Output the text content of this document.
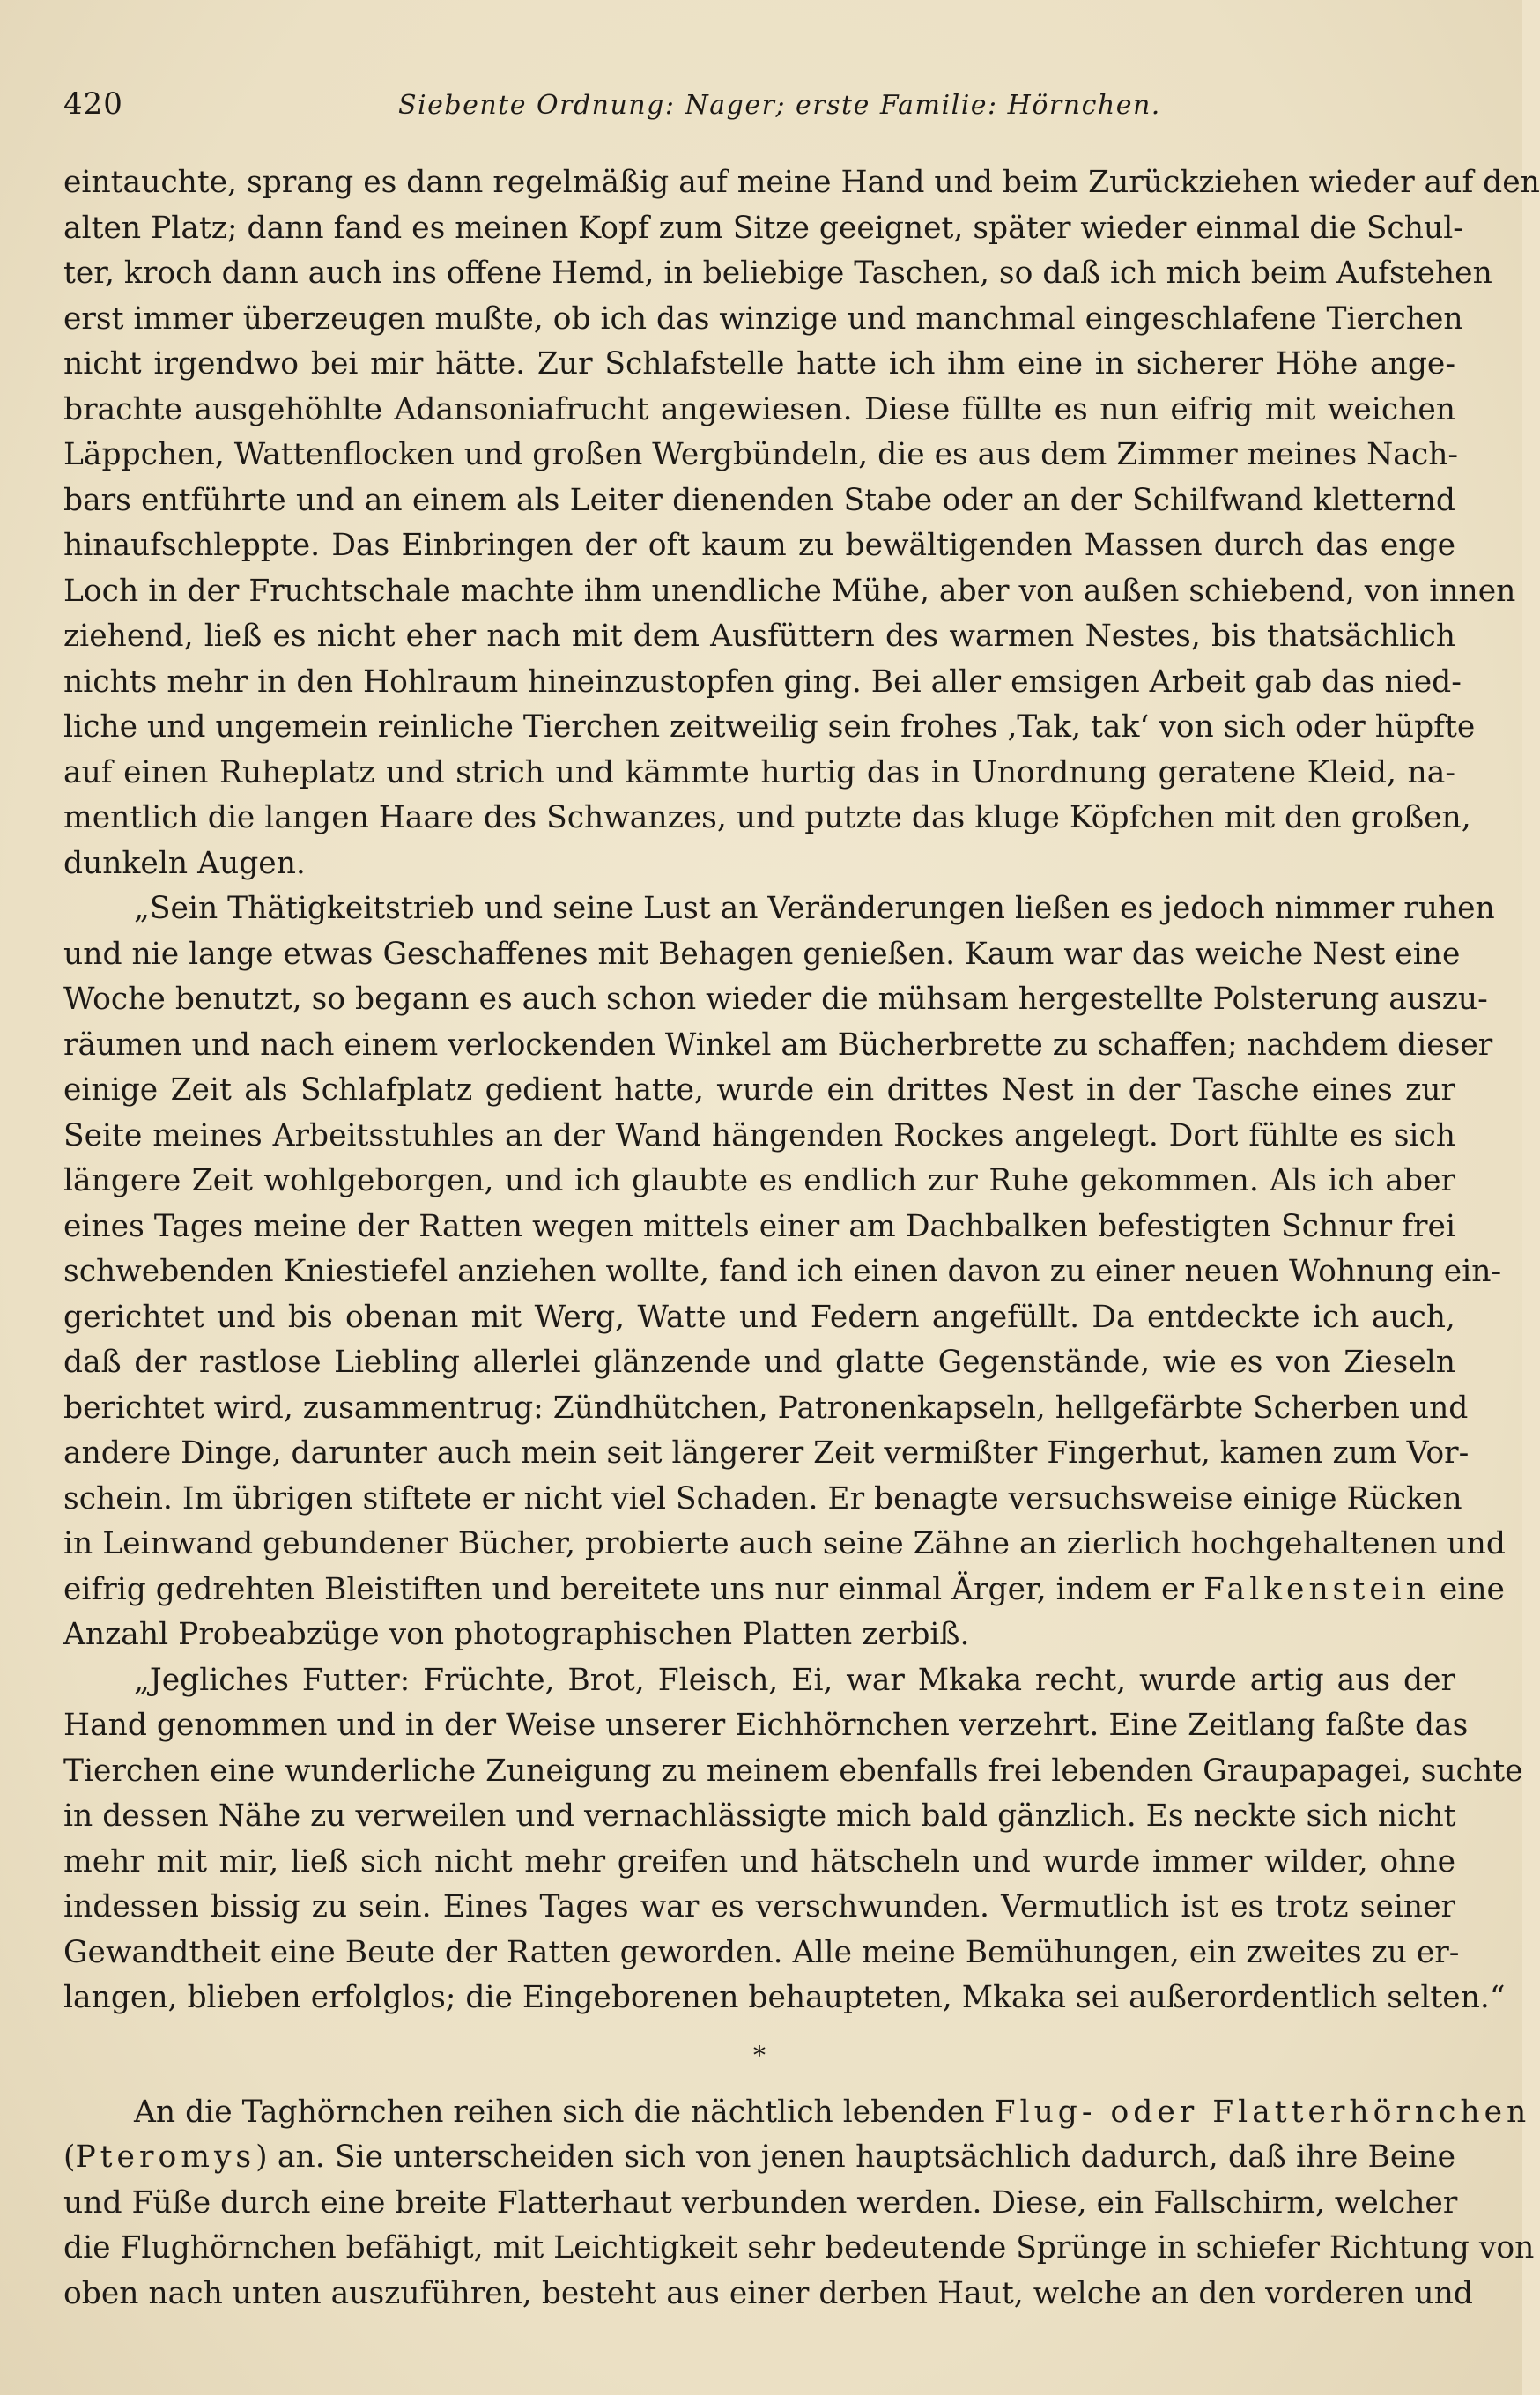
420	Siebente Ordnung: Nager; erste Familie: Hörnchen.
eintauchte, sprang es dann regelmäßig auf meine Hand und beim Zurückziehen wieder auf den
alten Platz; dann fand es meinen Kopf zum Sitze geeignet, später wieder einmal die Schul-
ter, kroch dann auch ins offene Hemd, in beliebige Taschen, so daß ich mich beim Aufstehen
erst immer überzeugen mußte, ob ich das winzige und manchmal eingeschlafene Tierchen
nicht irgendwo bei mir hätte. Zur Schlafstelle hatte ich ihm eine in sicherer Höhe ange-
brachte ausgehöhlte Adansoniafrucht angewiesen. Diese füllte es nun eifrig mit weichen
Läppchen, Wattenflocken und großen Wergbündeln, die es aus dem Zimmer meines Nach-
bars entführte und an einem als Leiter dienenden Stabe oder an der Schilfwand kletternd
hinaufschleppte. Das Einbringen der oft kaum zu bewältigenden Massen durch das enge
Loch in der Fruchtschale machte ihm unendliche Mühe, aber von außen schiebend, von innen
ziehend, ließ es nicht eher nach mit dem Ausfüttern des warmen Nestes, bis thatsächlich
nichts mehr in den Hohlraum hineinzustopfen ging. Bei aller emsigen Arbeit gab das nied-
liche und ungemein reinliche Tierchen zeitweilig sein frohes ‚Tak, tak‘ von sich oder hüpfte
auf einen Ruheplatz und strich und kämmte hurtig das in Unordnung geratene Kleid, na-
mentlich die langen Haare des Schwanzes, und putzte das kluge Köpfchen mit den großen,
dunkeln Augen.
„Sein Thätigkeitstrieb und seine Lust an Veränderungen ließen es jedoch nimmer ruhen
und nie lange etwas Geschaffenes mit Behagen genießen. Kaum war das weiche Nest eine
Woche benutzt, so begann es auch schon wieder die mühsam hergestellte Polsterung auszu-
räumen und nach einem verlockenden Winkel am Bücherbrette zu schaffen; nachdem dieser
einige Zeit als Schlafplatz gedient hatte, wurde ein drittes Nest in der Tasche eines zur
Seite meines Arbeitsstuhles an der Wand hängenden Rockes angelegt. Dort fühlte es sich
längere Zeit wohlgeborgen, und ich glaubte es endlich zur Ruhe gekommen. Als ich aber
eines Tages meine der Ratten wegen mittels einer am Dachbalken befestigten Schnur frei
schwebenden Kniestiefel anziehen wollte, fand ich einen davon zu einer neuen Wohnung ein-
gerichtet und bis obenan mit Werg, Watte und Federn angefüllt. Da entdeckte ich auch,
daß der rastlose Liebling allerlei glänzende und glatte Gegenstände, wie es von Zieseln
berichtet wird, zusammentrug: Zündhütchen, Patronenkapseln, hellgefärbte Scherben und
andere Dinge, darunter auch mein seit längerer Zeit vermißter Fingerhut, kamen zum Vor-
schein. Im übrigen stiftete er nicht viel Schaden. Er benagte versuchsweise einige Rücken
in Leinwand gebundener Bücher, probierte auch seine Zähne an zierlich hochgehaltenen und
eifrig gedrehten Bleistiften und bereitete uns nur einmal Ärger, indem er Falkenstein eine
Anzahl Probeabzüge von photographischen Platten zerbiß.
„Jegliches Futter: Früchte, Brot, Fleisch, Ei, war Mkaka recht, wurde artig aus der
Hand genommen und in der Weise unserer Eichhörnchen verzehrt. Eine Zeitlang faßte das
Tierchen eine wunderliche Zuneigung zu meinem ebenfalls frei lebenden Graupapagei, suchte
in dessen Nähe zu verweilen und vernachlässigte mich bald gänzlich. Es neckte sich nicht
mehr mit mir, ließ sich nicht mehr greifen und hätscheln und wurde immer wilder, ohne
indessen bissig zu sein. Eines Tages war es verschwunden. Vermutlich ist es trotz seiner
Gewandtheit eine Beute der Ratten geworden. Alle meine Bemühungen, ein zweites zu er-
langen, blieben erfolglos; die Eingeborenen behaupteten, Mkaka sei außerordentlich selten.“
*
An die Taghörnchen reihen sich die nächtlich lebenden Flug- oder Flatterhörnchen
(Pteromys) an. Sie unterscheiden sich von jenen hauptsächlich dadurch, daß ihre Beine
und Füße durch eine breite Flatterhaut verbunden werden. Diese, ein Fallschirm, welcher
die Flughörnchen befähigt, mit Leichtigkeit sehr bedeutende Sprünge in schiefer Richtung von
oben nach unten auszuführen, besteht aus einer derben Haut, welche an den vorderen und
